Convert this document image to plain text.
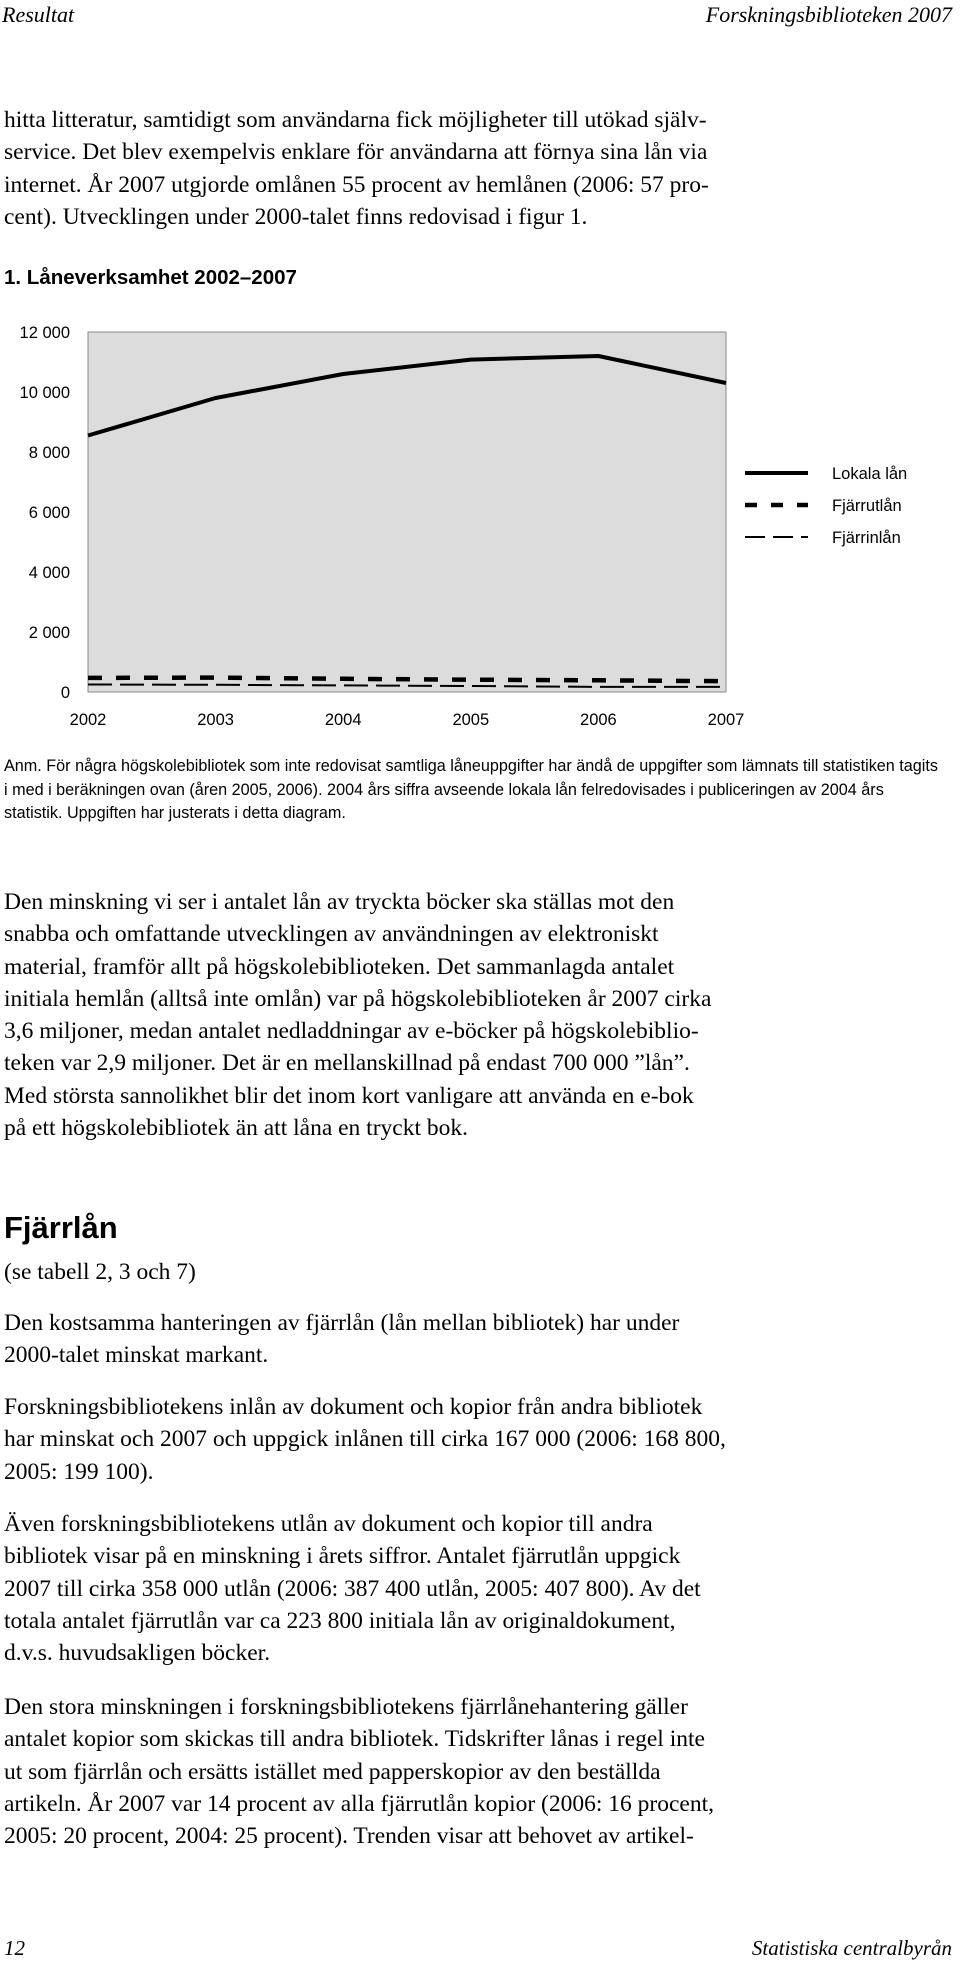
Resultat	Forskningsbiblioteken 2007
hitta litteratur, samtidigt som användarna fick möjligheter till utökad själv-
service. Det blev exempelvis enklare för användarna att förnya sina lån via
internet. År 2007 utgjorde omlånen 55 procent av hemlånen (2006: 57 pro-
cent). Utvecklingen under 2000-talet finns redovisad i figur 1.
1. Låneverksamhet 2002–2007
0
2 000
4 000
6 000
8 000
10 000
12 000
2002	2003	2004	2005	2006	2007
Lokala lån
Fjärrutlån
Fjärrinlån
Anm. För några högskolebibliotek som inte redovisat samtliga låneuppgifter har ändå de uppgifter som lämnats till statistiken tagits i med i beräkningen ovan (åren 2005, 2006). 2004 års siffra avseende lokala lån felredovisades i publiceringen av 2004 års statistik. Uppgiften har justerats i detta diagram.
Den minskning vi ser i antalet lån av tryckta böcker ska ställas mot den
snabba och omfattande utvecklingen av användningen av elektroniskt
material, framför allt på högskolebiblioteken. Det sammanlagda antalet
initiala hemlån (alltså inte omlån) var på högskolebiblioteken år 2007 cirka
3,6 miljoner, medan antalet nedladdningar av e-böcker på högskolebiblio-
teken var 2,9 miljoner. Det är en mellanskillnad på endast 700 000 ”lån”.
Med största sannolikhet blir det inom kort vanligare att använda en e-bok
på ett högskolebibliotek än att låna en tryckt bok.
Fjärrlån
(se tabell 2, 3 och 7)
Den kostsamma hanteringen av fjärrlån (lån mellan bibliotek) har under
2000-talet minskat markant.
Forskningsbibliotekens inlån av dokument och kopior från andra bibliotek
har minskat och 2007 och uppgick inlånen till cirka 167 000 (2006: 168 800,
2005: 199 100).
Även forskningsbibliotekens utlån av dokument och kopior till andra
bibliotek visar på en minskning i årets siffror. Antalet fjärrutlån uppgick
2007 till cirka 358 000 utlån (2006: 387 400 utlån, 2005: 407 800). Av det
totala antalet fjärrutlån var ca 223 800 initiala lån av originaldokument,
d.v.s. huvudsakligen böcker.
Den stora minskningen i forskningsbibliotekens fjärrlånehantering gäller
antalet kopior som skickas till andra bibliotek. Tidskrifter lånas i regel inte
ut som fjärrlån och ersätts istället med papperskopior av den beställda
artikeln. År 2007 var 14 procent av alla fjärrutlån kopior (2006: 16 procent,
2005: 20 procent, 2004: 25 procent). Trenden visar att behovet av artikel-
12	Statistiska centralbyrån
